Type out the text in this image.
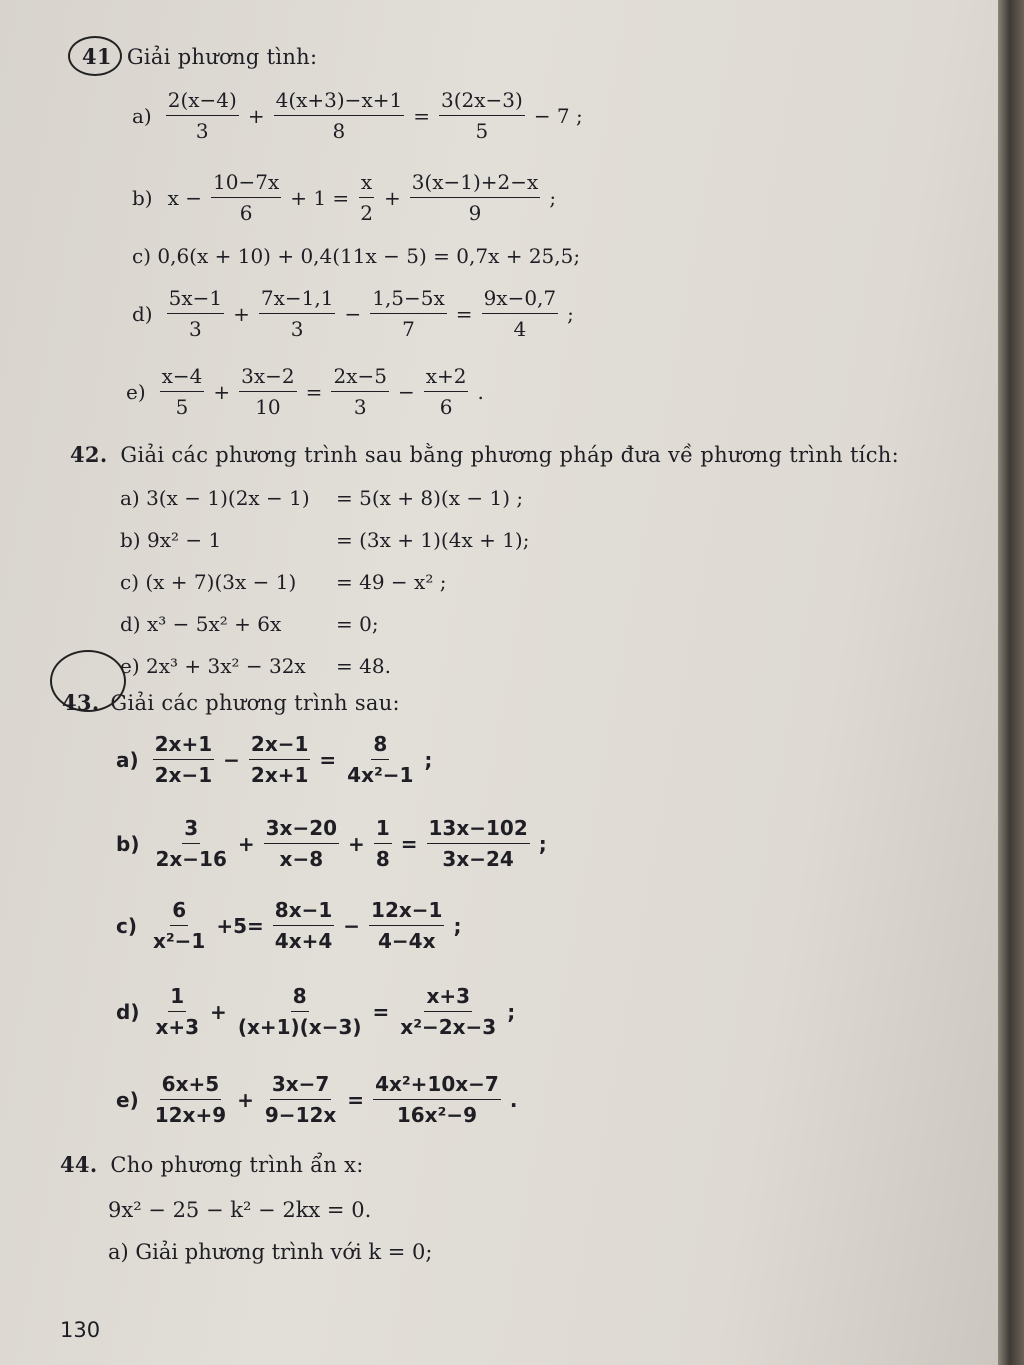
41 Giải phương tình:
$a) \frac{2(x-4)}{3} + \frac{4(x+3)-x+1}{8} = \frac{3(2x-3)}{5} - 7$ ;
b) $x - \frac{10-7x}{6} + 1 = \frac{x}{2} + \frac{3(x-1)+2-x}{9}$ ;
c) 0,6(x + 10) + 0,4(11x − 5) = 0,7x + 25,5;
$d) \frac{5x-1}{3} + \frac{7x-1,1}{3} - \frac{1,5-5x}{7} = \frac{9x-0,7}{4}$ ;
$e) \frac{x-4}{5} + \frac{3x-2}{10} = \frac{2x-5}{3} - \frac{x+2}{6}$ .
42. Giải các phương trình sau bằng phương pháp đưa về phương trình tích:
a) 3(x − 1)(2x − 1) = 5(x + 8)(x − 1) ;
b) 9x² − 1	= (3x + 1)(4x + 1);
c) (x + 7)(3x − 1) = 49 − x² ;
d) x³ − 5x² + 6x	= 0;
e) 2x³ + 3x² − 32x = 48.
43. Giải các phương trình sau:
$a) \frac{2x+1}{2x-1} - \frac{2x-1}{2x+1} = \frac{8}{\text{4x²−1}}$ ;
$b) \frac{3}{2x-16} + \frac{3x-20}{x-8} + \frac{1}{8} = \frac{13x-102}{3x-24}$ ;
$c) \frac{6}{\text{x²−1}} +5= \frac{8x-1}{4x+4} - \frac{12x-1}{4-4x}$ ;
$d) \frac{1}{x+3} + \frac{8}{(x+1)(x-3)} = \frac{x+3}{\text{x²−2x−3}}$ ;
$e) \frac{6x+5}{12x+9} + \frac{3x-7}{9-12x} = \frac{\text{4x²+10x−7}}{\text{16x²−9}}$ .
44. Cho phương trình ẩn x:
9x² − 25 − k² − 2kx = 0.
a) Giải phương trình với k = 0;
130
